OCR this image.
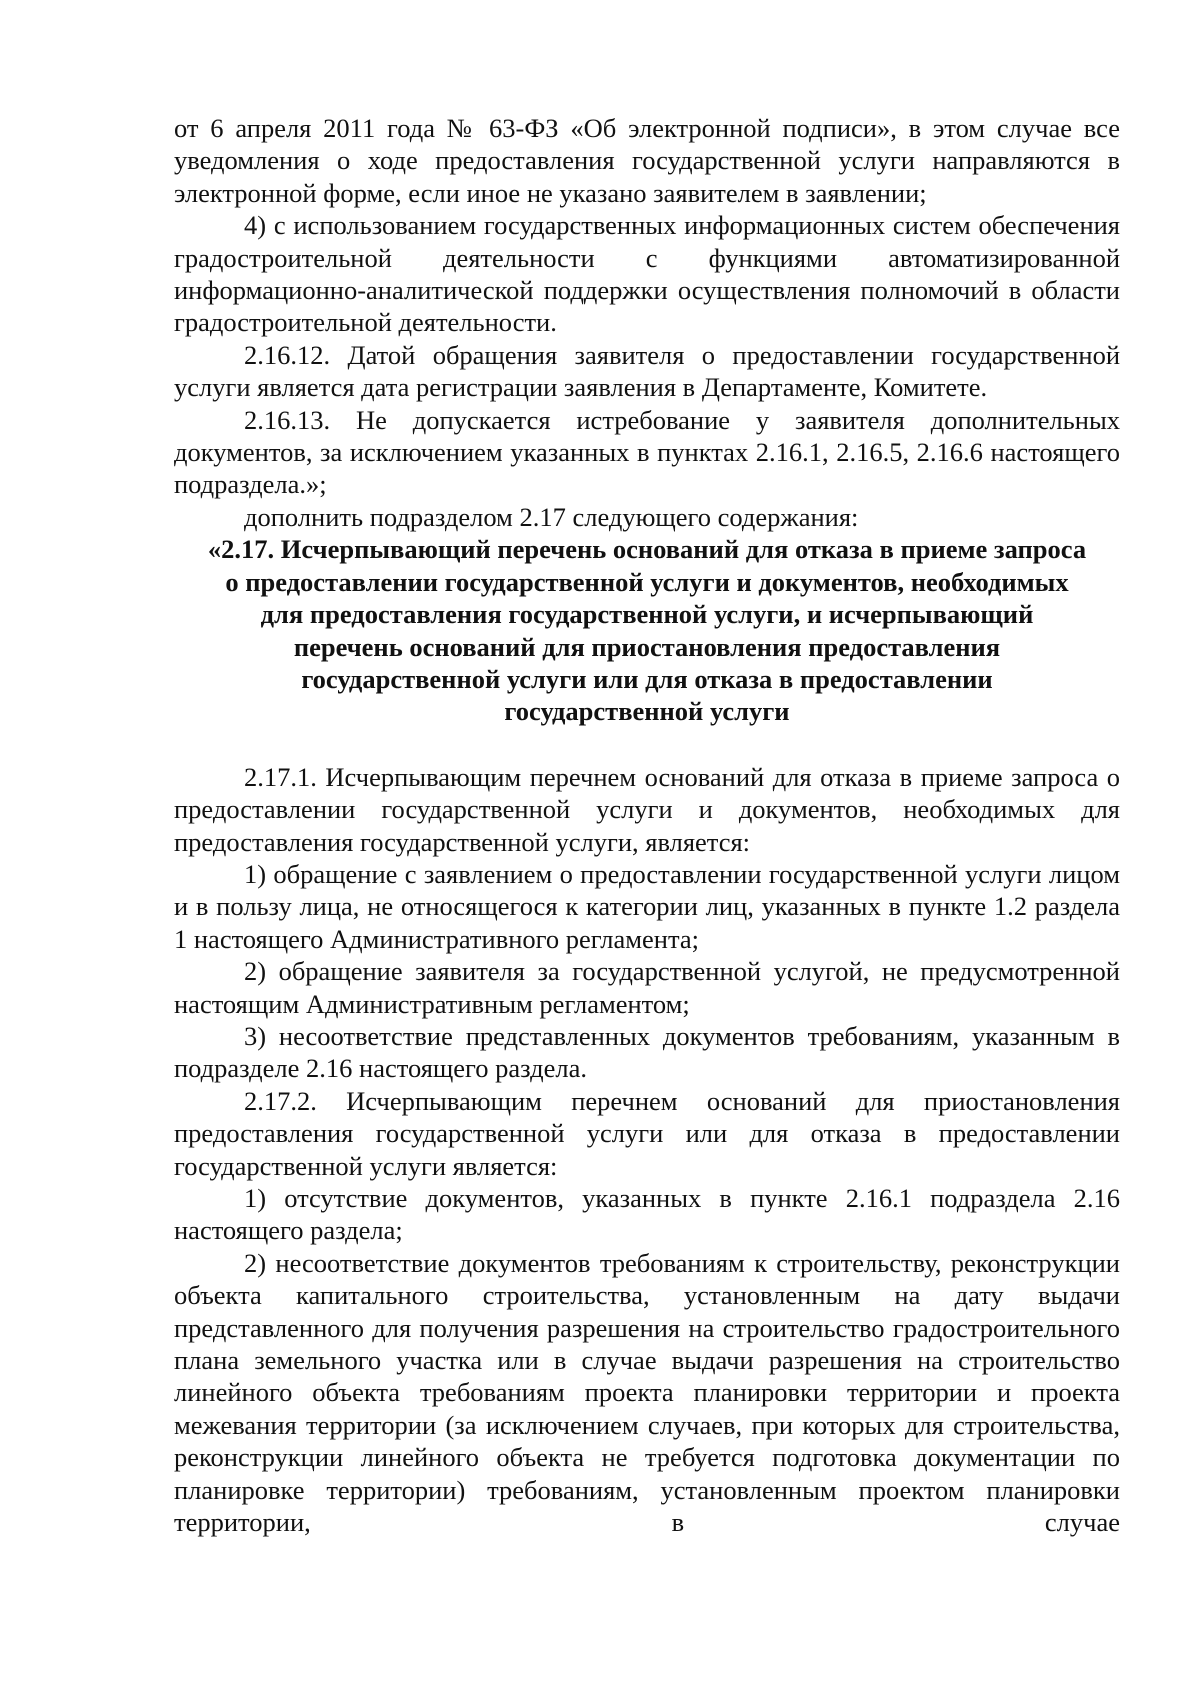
от 6 апреля 2011 года № 63-ФЗ «Об электронной подписи», в этом случае все уведомления о ходе предоставления государственной услуги направляются в электронной форме, если иное не указано заявителем в заявлении;

4) с использованием государственных информационных систем обеспечения градостроительной деятельности с функциями автоматизированной информационно-аналитической поддержки осуществления полномочий в области градостроительной деятельности.

2.16.12. Датой обращения заявителя о предоставлении государственной услуги является дата регистрации заявления в Департаменте, Комитете.

2.16.13. Не допускается истребование у заявителя дополнительных документов, за исключением указанных в пунктах 2.16.1, 2.16.5, 2.16.6 настоящего подраздела.»;

дополнить подразделом 2.17 следующего содержания:

«2.17. Исчерпывающий перечень оснований для отказа в приеме запроса
о предоставлении государственной услуги и документов, необходимых
для предоставления государственной услуги, и исчерпывающий
перечень оснований для приостановления предоставления
государственной услуги или для отказа в предоставлении
государственной услуги

2.17.1. Исчерпывающим перечнем оснований для отказа в приеме запроса о предоставлении государственной услуги и документов, необходимых для предоставления государственной услуги, является:

1) обращение с заявлением о предоставлении государственной услуги лицом и в пользу лица, не относящегося к категории лиц, указанных в пункте 1.2 раздела 1 настоящего Административного регламента;

2) обращение заявителя за государственной услугой, не предусмотренной настоящим Административным регламентом;

3) несоответствие представленных документов требованиям, указанным в подразделе 2.16 настоящего раздела.

2.17.2. Исчерпывающим перечнем оснований для приостановления предоставления государственной услуги или для отказа в предоставлении государственной услуги является:

1) отсутствие документов, указанных в пункте 2.16.1 подраздела 2.16 настоящего раздела;

2) несоответствие документов требованиям к строительству, реконструкции объекта капитального строительства, установленным на дату выдачи представленного для получения разрешения на строительство градостроительного плана земельного участка или в случае выдачи разрешения на строительство линейного объекта требованиям проекта планировки территории и проекта межевания территории (за исключением случаев, при которых для строительства, реконструкции линейного объекта не требуется подготовка документации по планировке территории) требованиям, установленным проектом планировки территории, в случае
